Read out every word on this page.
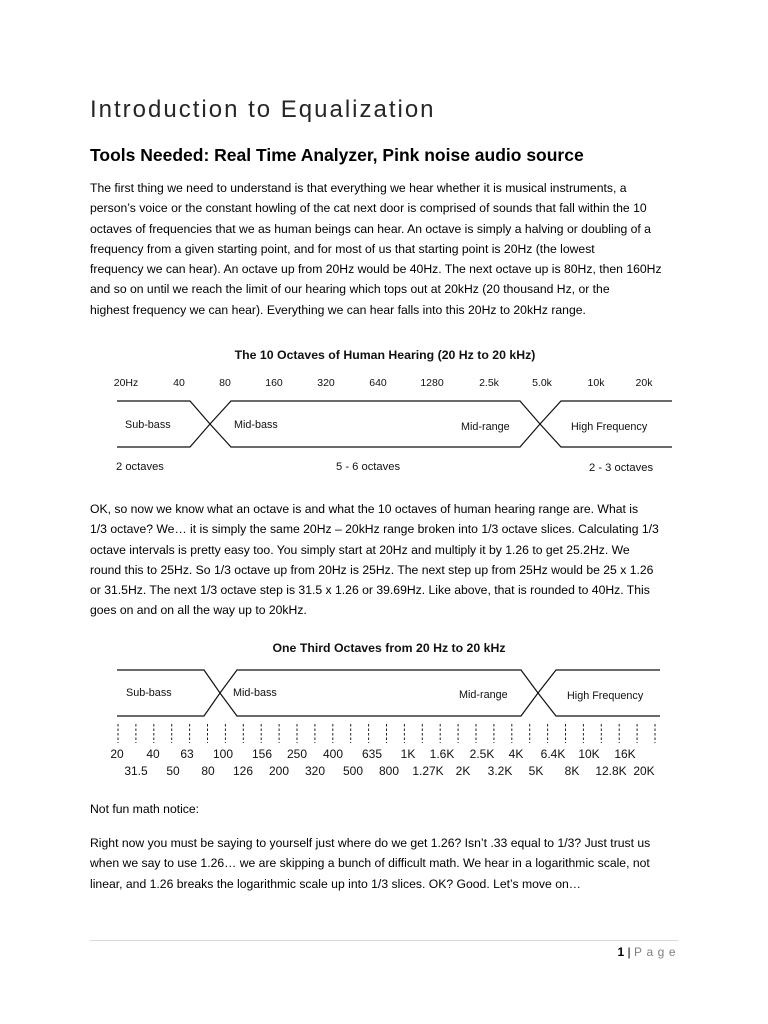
Introduction to Equalization
Tools Needed: Real Time Analyzer, Pink noise audio source
The first thing we need to understand is that everything we hear whether it is musical instruments, a
person’s voice or the constant howling of the cat next door is comprised of sounds that fall within the 10
octaves of frequencies that we as human beings can hear. An octave is simply a halving or doubling of a
frequency from a given starting point, and for most of us that starting point is 20Hz (the lowest
frequency we can hear). An octave up from 20Hz would be 40Hz. The next octave up is 80Hz, then 160Hz
and so on until we reach the limit of our hearing which tops out at 20kHz (20 thousand Hz, or the
highest frequency we can hear). Everything we can hear falls into this 20Hz to 20kHz range.
The 10 Octaves of Human Hearing (20 Hz to 20 kHz)
20Hz	40	80	160	320	640	1280	2.5k	5.0k	10k	20k
Sub-bass	Mid-bass	Mid-range	High Frequency
2 octaves	5 - 6 octaves	2 - 3 octaves
OK, so now we know what an octave is and what the 10 octaves of human hearing range are. What is
1/3 octave? We… it is simply the same 20Hz – 20kHz range broken into 1/3 octave slices. Calculating 1/3
octave intervals is pretty easy too. You simply start at 20Hz and multiply it by 1.26 to get 25.2Hz. We
round this to 25Hz. So 1/3 octave up from 20Hz is 25Hz. The next step up from 25Hz would be 25 x 1.26
or 31.5Hz. The next 1/3 octave step is 31.5 x 1.26 or 39.69Hz. Like above, that is rounded to 40Hz. This
goes on and on all the way up to 20kHz.
One Third Octaves from 20 Hz to 20 kHz
Sub-bass	Mid-bass	Mid-range	High Frequency
20 40 63 100 156 250 400 635 1K 1.6K 2.5K 4K 6.4K 10K 16K
31.5 50 80 126 200 320 500 800 1.27K 2K 3.2K 5K 8K 12.8K 20K
Not fun math notice:
Right now you must be saying to yourself just where do we get 1.26? Isn’t .33 equal to 1/3? Just trust us
when we say to use 1.26… we are skipping a bunch of difficult math. We hear in a logarithmic scale, not
linear, and 1.26 breaks the logarithmic scale up into 1/3 slices. OK? Good. Let’s move on…
1 | Page
